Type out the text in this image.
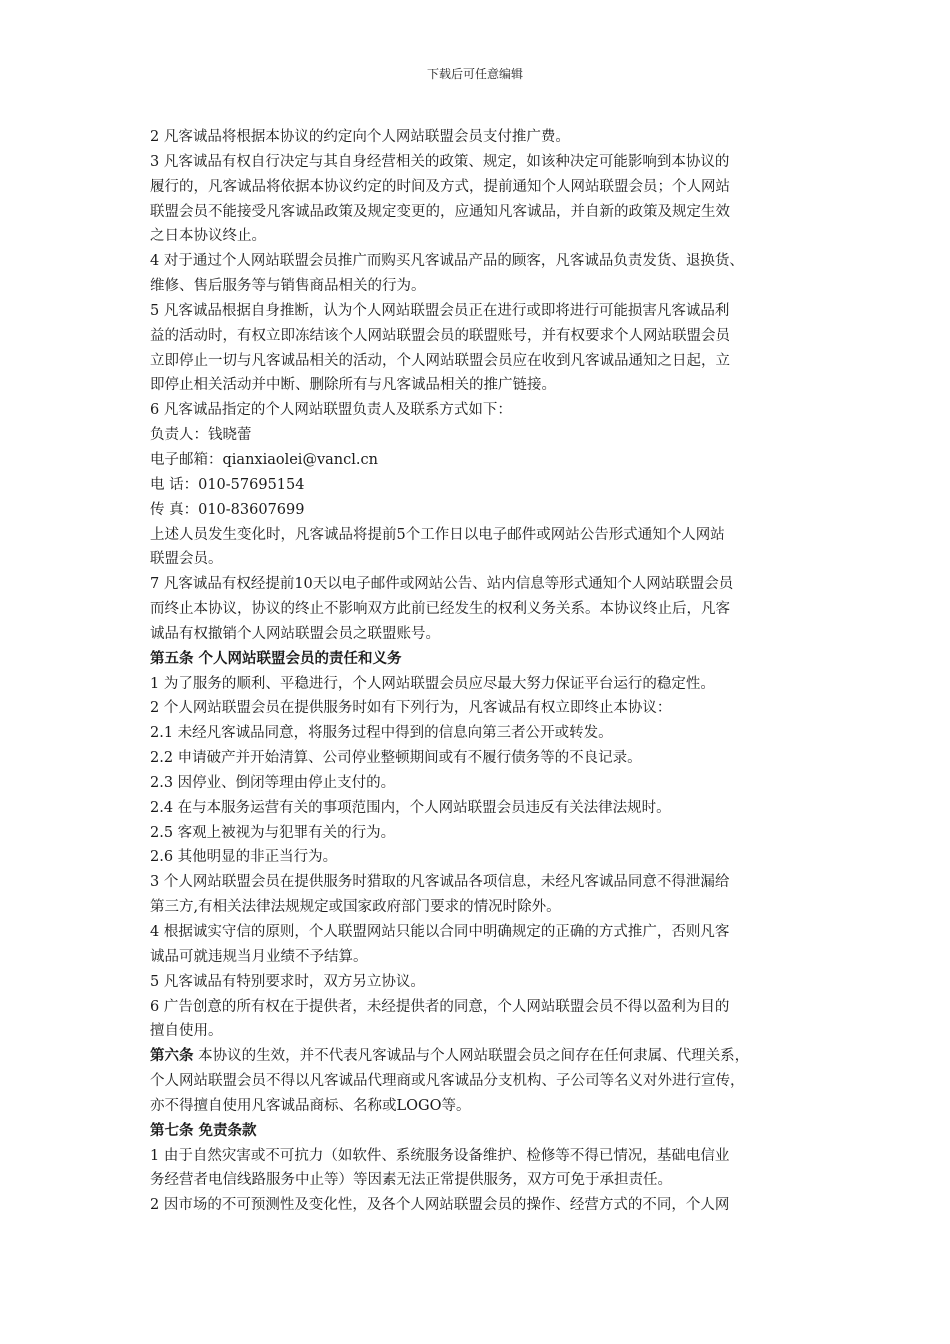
下载后可任意编辑
2 凡客诚品将根据本协议的约定向个人网站联盟会员支付推广费。
3 凡客诚品有权自行决定与其自身经营相关的政策、规定，如该种决定可能影响到本协议的
履行的，凡客诚品将依据本协议约定的时间及方式，提前通知个人网站联盟会员；个人网站
联盟会员不能接受凡客诚品政策及规定变更的，应通知凡客诚品，并自新的政策及规定生效
之日本协议终止。
4 对于通过个人网站联盟会员推广而购买凡客诚品产品的顾客，凡客诚品负责发货、退换货、
维修、售后服务等与销售商品相关的行为。
5 凡客诚品根据自身推断，认为个人网站联盟会员正在进行或即将进行可能损害凡客诚品利
益的活动时，有权立即冻结该个人网站联盟会员的联盟账号，并有权要求个人网站联盟会员
立即停止一切与凡客诚品相关的活动，个人网站联盟会员应在收到凡客诚品通知之日起，立
即停止相关活动并中断、删除所有与凡客诚品相关的推广链接。
6 凡客诚品指定的个人网站联盟负责人及联系方式如下：
负责人：钱晓蕾
电子邮箱：qianxiaolei@vancl.cn
电 话：010-57695154
传 真：010-83607699
上述人员发生变化时，凡客诚品将提前5个工作日以电子邮件或网站公告形式通知个人网站
联盟会员。
7 凡客诚品有权经提前10天以电子邮件或网站公告、站内信息等形式通知个人网站联盟会员
而终止本协议，协议的终止不影响双方此前已经发生的权利义务关系。本协议终止后，凡客
诚品有权撤销个人网站联盟会员之联盟账号。
第五条 个人网站联盟会员的责任和义务
1 为了服务的顺利、平稳进行，个人网站联盟会员应尽最大努力保证平台运行的稳定性。
2 个人网站联盟会员在提供服务时如有下列行为，凡客诚品有权立即终止本协议：
2.1 未经凡客诚品同意，将服务过程中得到的信息向第三者公开或转发。
2.2 申请破产并开始清算、公司停业整顿期间或有不履行债务等的不良记录。
2.3 因停业、倒闭等理由停止支付的。
2.4 在与本服务运营有关的事项范围内，个人网站联盟会员违反有关法律法规时。
2.5 客观上被视为与犯罪有关的行为。
2.6 其他明显的非正当行为。
3 个人网站联盟会员在提供服务时猎取的凡客诚品各项信息，未经凡客诚品同意不得泄漏给
第三方,有相关法律法规规定或国家政府部门要求的情况时除外。
4 根据诚实守信的原则，个人联盟网站只能以合同中明确规定的正确的方式推广，否则凡客
诚品可就违规当月业绩不予结算。
5 凡客诚品有特别要求时，双方另立协议。
6 广告创意的所有权在于提供者，未经提供者的同意，个人网站联盟会员不得以盈利为目的
擅自使用。
第六条 本协议的生效，并不代表凡客诚品与个人网站联盟会员之间存在任何隶属、代理关系，
个人网站联盟会员不得以凡客诚品代理商或凡客诚品分支机构、子公司等名义对外进行宣传，
亦不得擅自使用凡客诚品商标、名称或LOGO等。
第七条 免责条款
1 由于自然灾害或不可抗力（如软件、系统服务设备维护、检修等不得已情况，基础电信业
务经营者电信线路服务中止等）等因素无法正常提供服务，双方可免于承担责任。
2 因市场的不可预测性及变化性，及各个人网站联盟会员的操作、经营方式的不同，个人网
